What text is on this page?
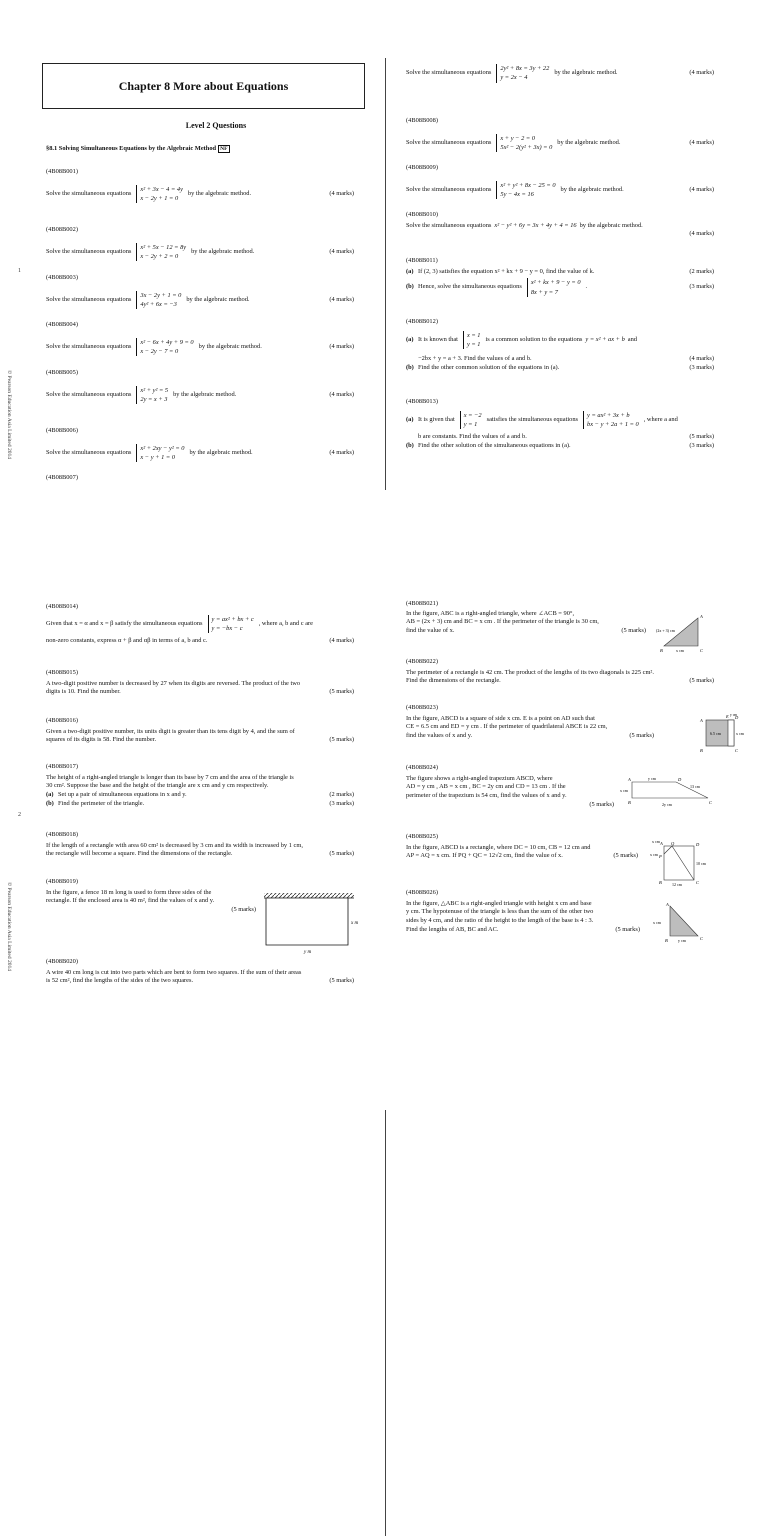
© Pearson Education Asia Limited 2014
1
Chapter 8 More about Equations
Level 2 Questions
§8.1 Solving Simultaneous Equations by the Algebraic Method NF
(4B08B001)
Solve the simultaneous equations
x² + 3x − 4 = 4y
x − 2y + 1 = 0
by the algebraic method.	(4 marks)
(4B08B002)
Solve the simultaneous equations
x² + 5x − 12 = 8y
x − 2y + 2 = 0
by the algebraic method.	(4 marks)
(4B08B003)
Solve the simultaneous equations
3x − 2y + 1 = 0
4y² + 6x = −3
by the algebraic method.	(4 marks)
(4B08B004)
Solve the simultaneous equations
x² − 6x + 4y + 9 = 0
x − 2y − 7 = 0
by the algebraic method.	(4 marks)
(4B08B005)
Solve the simultaneous equations
x² + y² = 5
2y = x + 3
by the algebraic method.	(4 marks)
(4B08B006)
Solve the simultaneous equations
x² + 2xy − y² = 0
x − y + 1 = 0
by the algebraic method.	(4 marks)
(4B08B007)
Solve the simultaneous equations
2y² + 8x = 3y + 22
y = 2x − 4
by the algebraic method.	(4 marks)
(4B08B008)
Solve the simultaneous equations
x + y − 2 = 0
5x² − 2(y² + 3x) = 0
by the algebraic method.	(4 marks)
(4B08B009)
Solve the simultaneous equations
x² + y² + 8x − 25 = 0
5y − 4x = 16
by the algebraic method.	(4 marks)
(4B08B010)
Solve the simultaneous equations x² − y² + 6y = 3x + 4y + 4 = 16 by the algebraic method.
(4 marks)
(4B08B011)
(a) If (2, 3) satisfies the equation x² + kx + 9 − y = 0, find the value of k.	(2 marks)
(b) Hence, solve the simultaneous equations
x² + kx + 9 − y = 0
8x + y = 7
.	(3 marks)
(4B08B012)
(a) It is known that
x = 1
y = 1
is a common solution to the equations y = x² + ax + b and
−2bx + y = a + 3. Find the values of a and b.	(4 marks)
(b) Find the other common solution of the equations in (a).	(3 marks)
(4B08B013)
(a) It is given that
x = −2
y = 1
satisfies the simultaneous equations
y = ax² + 3x + b
bx − y + 2a + 1 = 0
, where a and
b are constants. Find the values of a and b.	(5 marks)
(b) Find the other solution of the simultaneous equations in (a).	(3 marks)
© Pearson Education Asia Limited 2014
2
(4B08B014)
Given that x = α and x = β satisfy the simultaneous equations
y = ax² + bx + c
y = −bx − c
, where a, b and c are
non-zero constants, express α + β and αβ in terms of a, b and c.	(4 marks)
(4B08B015)
A two-digit positive number is decreased by 27 when its digits are reversed. The product of the two
digits is 10. Find the number.	(5 marks)
(4B08B016)
Given a two-digit positive number, its units digit is greater than its tens digit by 4, and the sum of
squares of its digits is 58. Find the number.	(5 marks)
(4B08B017)
The height of a right-angled triangle is longer than its base by 7 cm and the area of the triangle is
30 cm². Suppose the base and the height of the triangle are x cm and y cm respectively.
(a) Set up a pair of simultaneous equations in x and y.	(2 marks)
(b) Find the perimeter of the triangle.	(3 marks)
(4B08B018)
If the length of a rectangle with area 60 cm² is decreased by 3 cm and its width is increased by 1 cm,
the rectangle will become a square. Find the dimensions of the rectangle.	(5 marks)
(4B08B019)
In the figure, a fence 18 m long is used to form three sides of the
rectangle. If the enclosed area is 40 m², find the values of x and y.
(5 marks)
(4B08B020)
A wire 40 cm long is cut into two parts which are bent to form two squares. If the sum of their areas
is 52 cm², find the lengths of the sides of the two squares.	(5 marks)
x m
y m
(4B08B021)
In the figure, ABC is a right-angled triangle, where ∠ACB = 90°,
AB = (2x + 3) cm and BC = x cm . If the perimeter of the triangle is 30 cm,
find the value of x.	(5 marks)
(4B08B022)
The perimeter of a rectangle is 42 cm. The product of the lengths of its two diagonals is 225 cm².
Find the dimensions of the rectangle.	(5 marks)
(4B08B023)
In the figure, ABCD is a square of side x cm. E is a point on AD such that
CE = 6.5 cm and ED = y cm . If the perimeter of quadrilateral ABCE is 22 cm,
find the values of x and y.	(5 marks)
(4B08B024)
The figure shows a right-angled trapezium ABCD, where
AD = y cm , AB = x cm , BC = 2y cm and CD = 13 cm . If the
perimeter of the trapezium is 54 cm, find the values of x and y.
(5 marks)
(4B08B025)
In the figure, ABCD is a rectangle, where DC = 10 cm, CB = 12 cm and
AP = AQ = x cm. If PQ + QC = 12√2 cm, find the value of x.	(5 marks)
(4B08B026)
In the figure, △ABC is a right-angled triangle with height x cm and base
y cm. The hypotenuse of the triangle is less than the sum of the other two
sides by 4 cm, and the ratio of the height to the length of the base is 4 : 3.
Find the lengths of AB, BC and AC.	(5 marks)
A
B	C
(2x + 3) cm
x cm
A
E D
B	C
6.5 cm	x cm
y cm
A	D
B	C
y cm
13 cm
x cm
2y cm
x cm
x cm
A Q	D
P
B	C
10 cm
12 cm
A
B	C
x cm
y cm
